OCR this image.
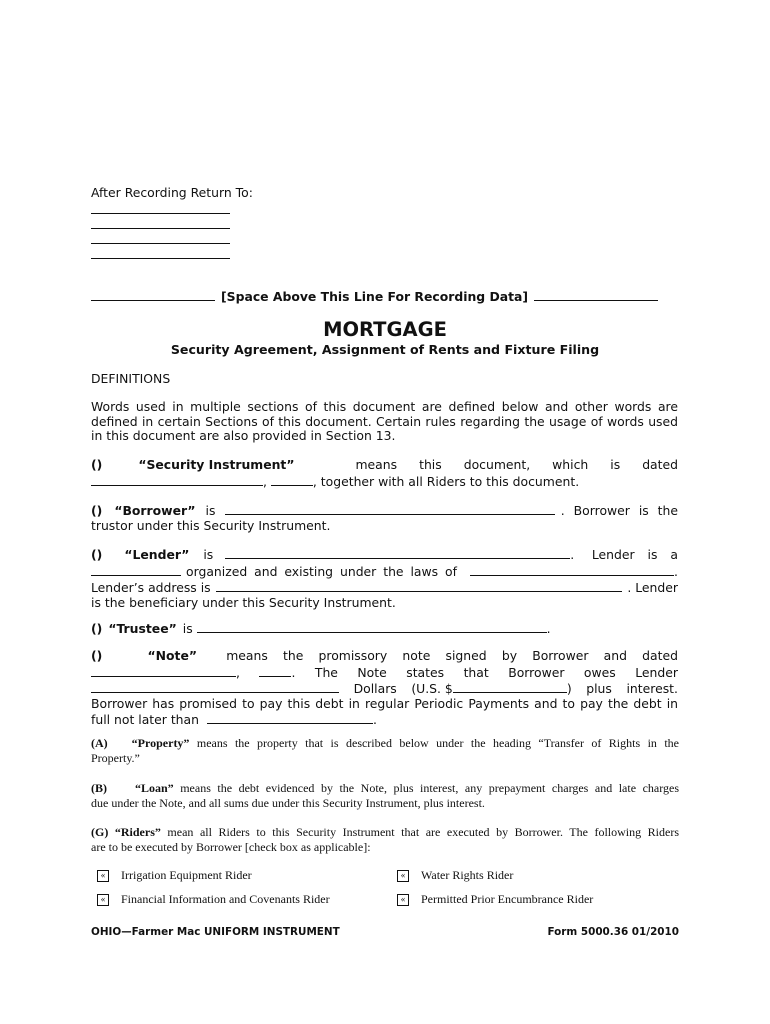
After Recording Return To:
[Space Above This Line For Recording Data]
MORTGAGE
Security Agreement, Assignment of Rents and Fixture Filing
DEFINITIONS
Words used in multiple sections of this document are defined below and other words are defined in certain Sections of this document. Certain rules regarding the usage of words used in this document are also provided in Section 13.
()	“Security Instrument”	means this document, which is dated
,	, together with all Riders to this document.
() “Borrower” is	. Borrower is the
trustor under this Security Instrument.
() “Lender” is	. Lender is a
organized and existing under the laws of	.
Lender’s address is	. Lender
is the beneficiary under this Security Instrument.
() “Trustee” is	.
()	“Note” means the promissory note signed by Borrower and dated
,	. The Note states that Borrower owes Lender
Dollars (U.S. $	) plus interest.
Borrower has promised to pay this debt in regular Periodic Payments and to pay the debt in
full not later than	.
(A) “Property” means the property that is described below under the heading “Transfer of Rights in the
Property.”
(B) “Loan” means the debt evidenced by the Note, plus interest, any prepayment charges and late charges
due under the Note, and all sums due under this Security Instrument, plus interest.
(G) “Riders” mean all Riders to this Security Instrument that are executed by Borrower. The following Riders
are to be executed by Borrower [check box as applicable]:
« Irrigation Equipment Rider	« Water Rights Rider
« Financial Information and Covenants Rider	« Permitted Prior Encumbrance Rider
OHIO—Farmer Mac UNIFORM INSTRUMENT	Form 5000.36 01/2010
